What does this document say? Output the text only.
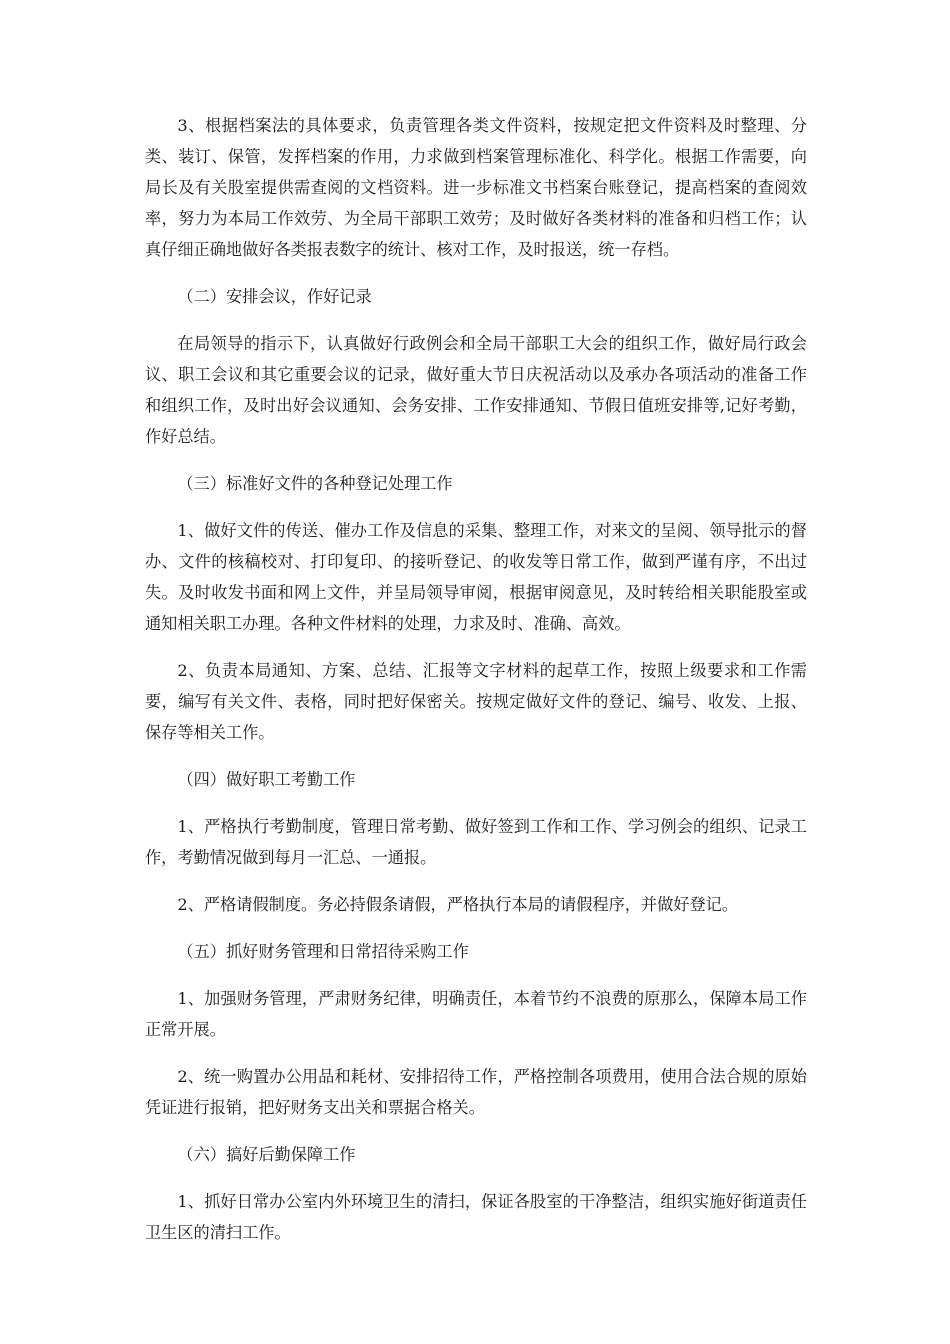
3、根据档案法的具体要求，负责管理各类文件资料，按规定把文件资料及时整理、分类、装订、保管，发挥档案的作用，力求做到档案管理标准化、科学化。根据工作需要，向局长及有关股室提供需查阅的文档资料。进一步标准文书档案台账登记，提高档案的查阅效率，努力为本局工作效劳、为全局干部职工效劳；及时做好各类材料的准备和归档工作；认真仔细正确地做好各类报表数字的统计、核对工作，及时报送，统一存档。

（二）安排会议，作好记录

在局领导的指示下，认真做好行政例会和全局干部职工大会的组织工作，做好局行政会议、职工会议和其它重要会议的记录，做好重大节日庆祝活动以及承办各项活动的准备工作和组织工作，及时出好会议通知、会务安排、工作安排通知、节假日值班安排等,记好考勤，作好总结。

（三）标准好文件的各种登记处理工作

1、做好文件的传送、催办工作及信息的采集、整理工作，对来文的呈阅、领导批示的督办、文件的核稿校对、打印复印、的接听登记、的收发等日常工作，做到严谨有序，不出过失。及时收发书面和网上文件，并呈局领导审阅，根据审阅意见，及时转给相关职能股室或通知相关职工办理。各种文件材料的处理，力求及时、准确、高效。

2、负责本局通知、方案、总结、汇报等文字材料的起草工作，按照上级要求和工作需要，编写有关文件、表格，同时把好保密关。按规定做好文件的登记、编号、收发、上报、保存等相关工作。

（四）做好职工考勤工作

1、严格执行考勤制度，管理日常考勤、做好签到工作和工作、学习例会的组织、记录工作，考勤情况做到每月一汇总、一通报。

2、严格请假制度。务必持假条请假，严格执行本局的请假程序，并做好登记。

（五）抓好财务管理和日常招待采购工作

1、加强财务管理，严肃财务纪律，明确责任，本着节约不浪费的原那么，保障本局工作正常开展。

2、统一购置办公用品和耗材、安排招待工作，严格控制各项费用，使用合法合规的原始凭证进行报销，把好财务支出关和票据合格关。

（六）搞好后勤保障工作

1、抓好日常办公室内外环境卫生的清扫，保证各股室的干净整洁，组织实施好街道责任卫生区的清扫工作。
